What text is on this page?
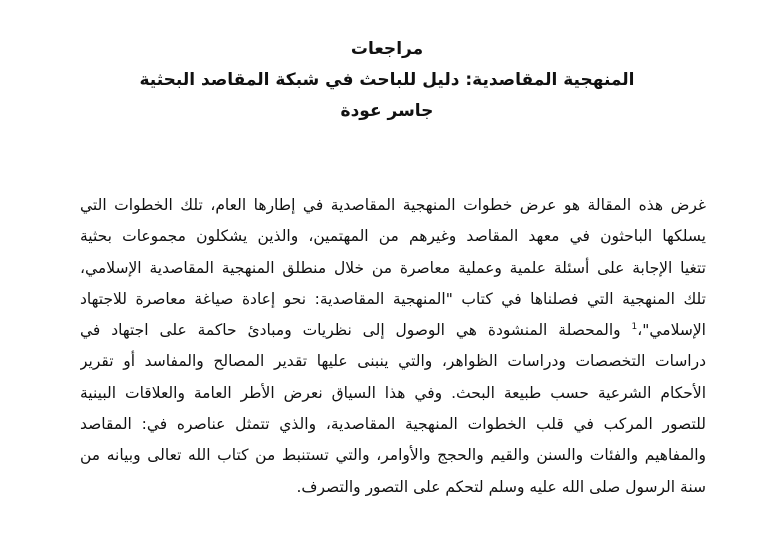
مراجعات
المنهجية المقاصدية: دليل للباحث في شبكة المقاصد البحثية
جاسر عودة
غرض هذه المقالة هو عرض خطوات المنهجية المقاصدية في إطارها العام، تلك الخطوات التي
يسلكها الباحثون في معهد المقاصد وغيرهم من المهتمين، والذين يشكلون مجموعات بحثية
تتغيا الإجابة على أسئلة علمية وعملية معاصرة من خلال منطلق المنهجية المقاصدية الإسلامي،
تلك المنهجية التي فصلناها في كتاب "المنهجية المقاصدية: نحو إعادة صياغة معاصرة للاجتهاد
الإسلامي"،$^1$ والمحصلة المنشودة هي الوصول إلى نظريات ومبادئ حاكمة على اجتهاد في
دراسات التخصصات ودراسات الظواهر، والتي ينبنى عليها تقدير المصالح والمفاسد أو تقرير
الأحكام الشرعية حسب طبيعة البحث. وفي هذا السياق نعرض الأطر العامة والعلاقات البينية
للتصور المركب في قلب الخطوات المنهجية المقاصدية، والذي تتمثل عناصره في: المقاصد
والمفاهيم والفئات والسنن والقيم والحجج والأوامر، والتي تستنبط من كتاب الله تعالى وبيانه من
سنة الرسول صلى الله عليه وسلم لتحكم على التصور والتصرف.
